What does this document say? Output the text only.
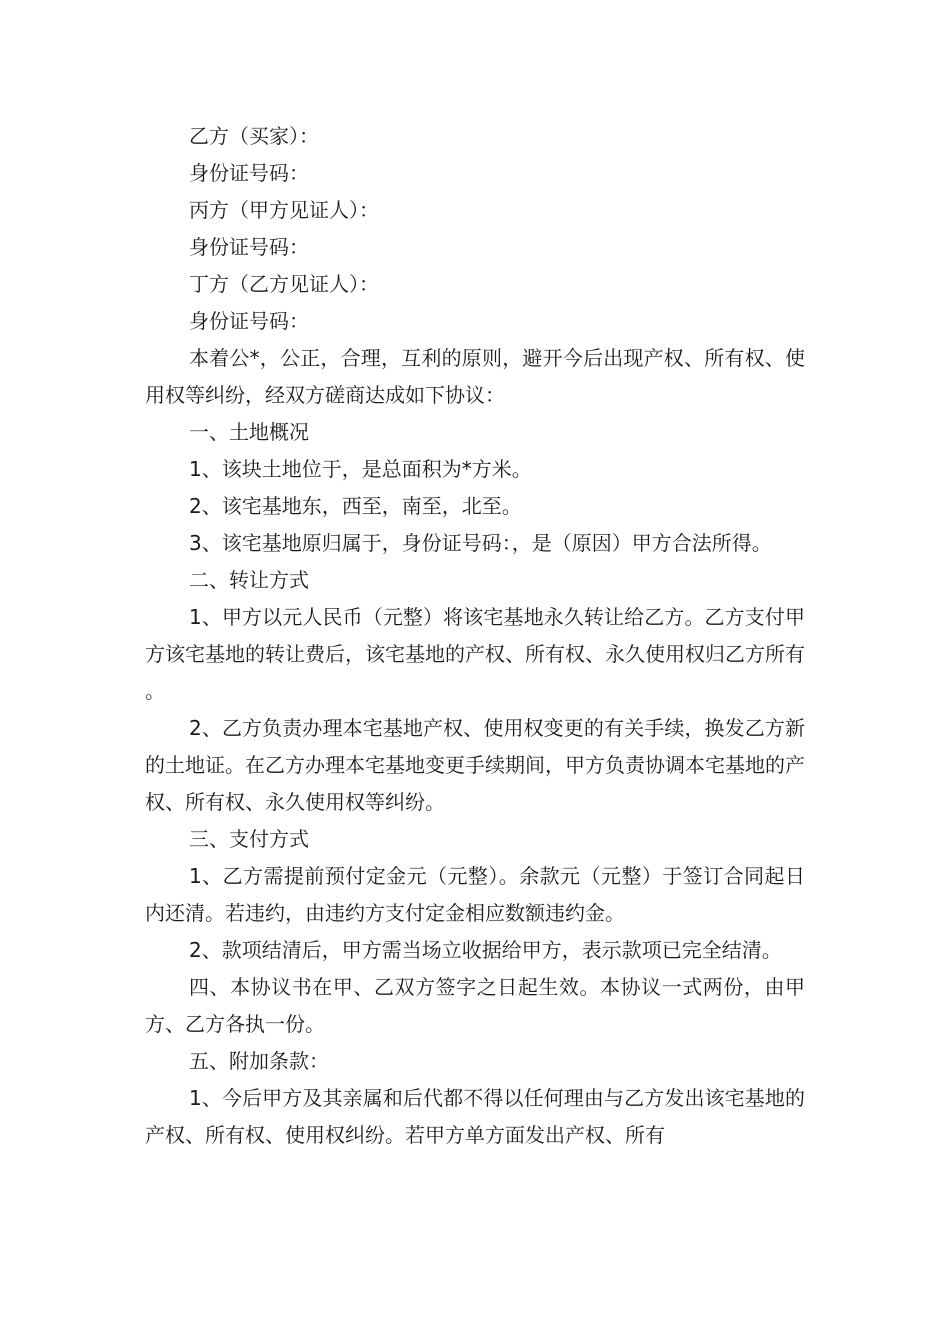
乙方（买家）：

身份证号码：

丙方（甲方见证人）：

身份证号码：

丁方（乙方见证人）：

身份证号码：

本着公*，公正，合理，互利的原则，避开今后出现产权、所有权、使用权等纠纷，经双方磋商达成如下协议：

一、土地概况

1、该块土地位于，是总面积为*方米。

2、该宅基地东，西至，南至，北至。

3、该宅基地原归属于，身份证号码：，是（原因）甲方合法所得。

二、转让方式

1、甲方以元人民币（元整）将该宅基地永久转让给乙方。乙方支付甲方该宅基地的转让费后，该宅基地的产权、所有权、永久使用权归乙方所有。

2、乙方负责办理本宅基地产权、使用权变更的有关手续，换发乙方新的土地证。在乙方办理本宅基地变更手续期间，甲方负责协调本宅基地的产权、所有权、永久使用权等纠纷。

三、支付方式

1、乙方需提前预付定金元（元整）。余款元（元整）于签订合同起日内还清。若违约，由违约方支付定金相应数额违约金。

2、款项结清后，甲方需当场立收据给甲方，表示款项已完全结清。

四、本协议书在甲、乙双方签字之日起生效。本协议一式两份，由甲方、乙方各执一份。

五、附加条款：

1、今后甲方及其亲属和后代都不得以任何理由与乙方发出该宅基地的产权、所有权、使用权纠纷。若甲方单方面发出产权、所有
